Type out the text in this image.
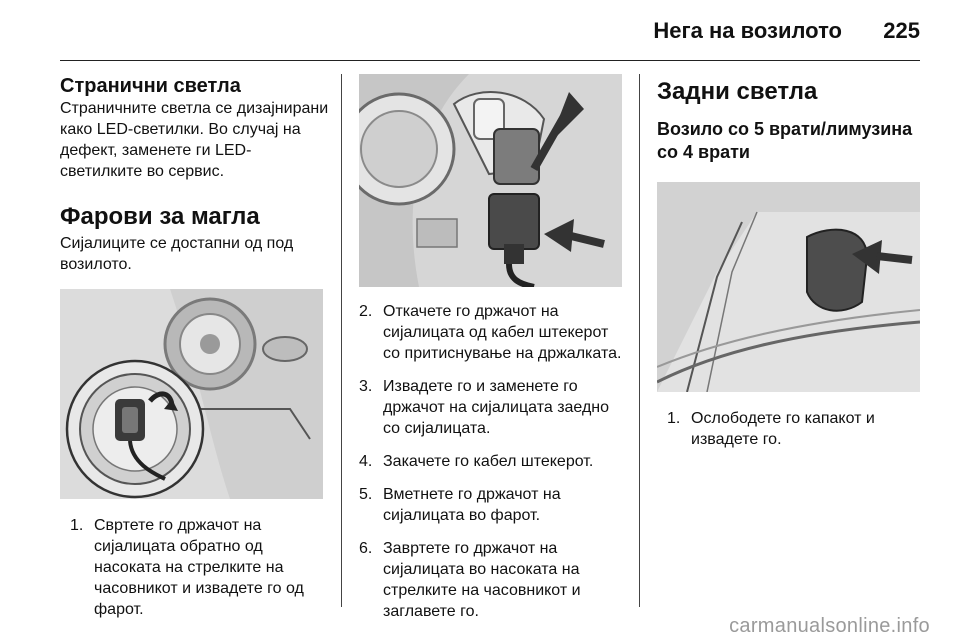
Нега на возилото 225
Странични светла

Страничните светла се дизајнирани како LED-светилки. Во случај на дефект, заменете ги LED-светилките во сервис.

Фарови за магла

Сијалиците се достапни од под возилото.

1. Свртете го држачот на сијалицата обратно од насоката на стрелките на часовникот и извадете го од фарот.
2. Откачете го држачот на сијалицата од кабел штекерот со притиснување на држалката.
3. Извадете го и заменете го држачот на сијалицата заедно со сијалицата.
4. Закачете го кабел штекерот.
5. Вметнете го држачот на сијалицата во фарот.
6. Завртете го држачот на сијалицата во насоката на стрелките на часовникот и заглавете го.
Задни светла
Возило со 5 врати/лимузина со 4 врати
1. Ослободете го капакот и извадете го.
carmanualsonline.info
